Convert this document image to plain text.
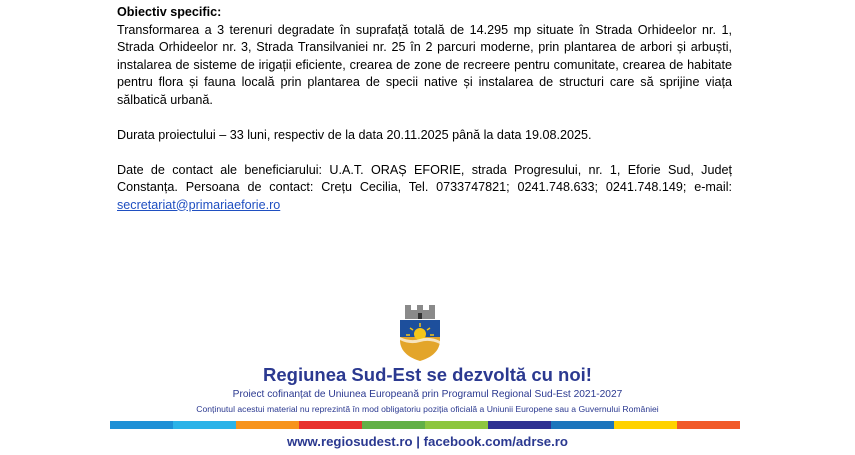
Obiectiv specific:

Transformarea a 3 terenuri degradate în suprafață totală de 14.295 mp situate în Strada Orhideelor nr. 1, Strada Orhideelor nr. 3, Strada Transilvaniei nr. 25 în 2 parcuri moderne, prin plantarea de arbori și arbuști, instalarea de sisteme de irigații eficiente, crearea de zone de recreere pentru comunitate, crearea de habitate pentru flora și fauna locală prin plantarea de specii native și instalarea de structuri care să sprijine viața sălbatică urbană.

Durata proiectului – 33 luni, respectiv de la data 20.11.2025 până la data 19.08.2025.

Date de contact ale beneficiarului: U.A.T. ORAȘ EFORIE, strada Progresului, nr. 1, Eforie Sud, Județ Constanța. Persoana de contact: Crețu Cecilia, Tel. 0733747821; 0241.748.633; 0241.748.149; e-mail: secretariat@primariaeforie.ro

Regiunea Sud-Est se dezvoltă cu noi!
Proiect cofinanțat de Uniunea Europeană prin Programul Regional Sud-Est 2021-2027
Conținutul acestui material nu reprezintă în mod obligatoriu poziția oficială a Uniunii Europene sau a Guvernului României
www.regiosudest.ro | facebook.com/adrse.ro
